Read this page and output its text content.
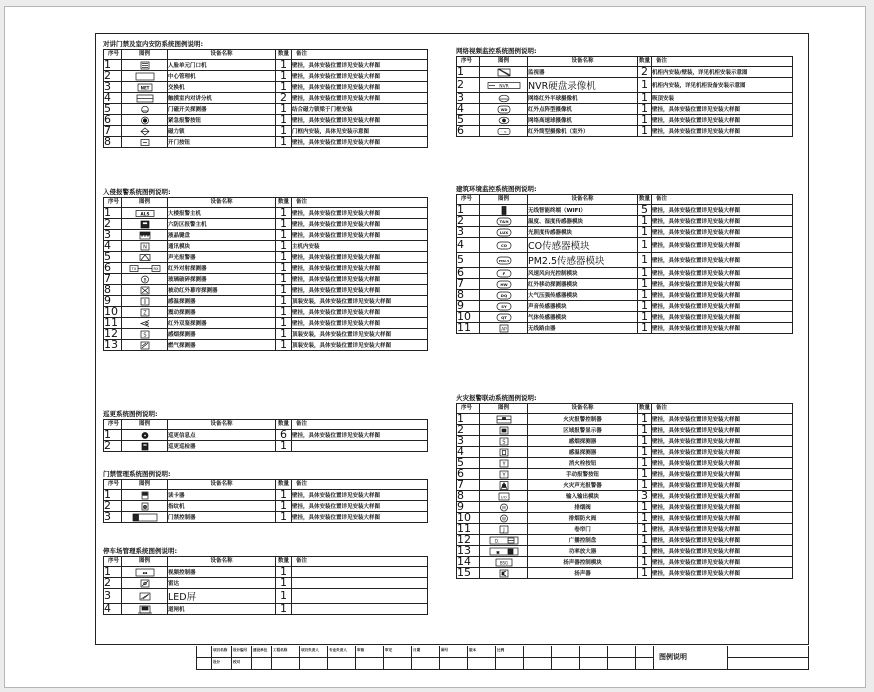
对讲门禁及室内安防系统图例说明:
序号	图例	设备名称	数量	备注
1		人脸单元门口机	1	壁挂，具体安装位置详见安装大样图
2		中心管理机	1	壁挂，具体安装位置详见安装大样图
3	NET	交换机	1	壁挂，具体安装位置详见安装大样图
4		触摸室内对讲分机	2	壁挂，具体安装位置详见安装大样图
5		门磁开关探测器	1	结合磁力锁梁于门框安装
6		紧急报警按钮	1	壁挂，具体安装位置详见安装大样图
7		磁力锁	1	门框内安装，具体见安装示意图
8		开门按钮	1	壁挂，具体安装位置详见安装大样图
入侵报警系统图例说明:
序号	图例	设备名称	数量	备注
1	ALS	大楼报警主机	1	壁挂，具体安装位置详见安装大样图
2		六防区报警主机	1	壁挂，具体安装位置详见安装大样图
3		液晶键盘	1	壁挂，具体安装位置详见安装大样图
4	N	通讯模块	1	主机内安装
5		声光报警器	1	壁挂，具体安装位置详见安装大样图
6	TX RX	红外对射探测器	1	壁挂，具体安装位置详见安装大样图
7	B	玻璃破碎探测器	1	壁挂，具体安装位置详见安装大样图
8		被动红外幕帘探测器	1	壁挂，具体安装位置详见安装大样图
9		感温探测器	1	顶装安装，具体安装位置详见安装大样图
10	Z	震动探测器	1	壁挂，具体安装位置详见安装大样图
11		红外双鉴探测器	1	壁挂，具体安装位置详见安装大样图
12	S	感烟探测器	1	顶装安装，具体安装位置详见安装大样图
13		燃气探测器	1	顶装安装，具体安装位置详见安装大样图
巡更系统图例说明:
序号	图例	设备名称	数量	备注
1		巡更信息点	6	壁挂，具体安装位置详见安装大样图
2		巡更巡检器	1	
门禁管理系统图例说明:
序号	图例	设备名称	数量	备注
1		读卡器	1	壁挂，具体安装位置详见安装大样图
2		指纹机	1	壁挂，具体安装位置详见安装大样图
3		门禁控制器	1	壁挂，具体安装位置详见安装大样图
停车场管理系统图例说明:
序号	图例	设备名称	数量	备注
1	▪▪	视频控制器	1	
2		雷达	1	
3		LED屏	1	
4		道闸机	1	
网络视频监控系统图例说明:
序号	图例	设备名称	数量	备注
1		监视器	2	机柜内安装/壁装，详见机柜安装示意图
2	NVR	NVR硬盘录像机	1	机柜内安装，详见机柜设备安装示意图
3		网络红外半球摄像机	1	吸顶安装
4	WD	红外点阵型摄像机	1	壁挂，具体安装位置详见安装大样图
5		网络高速球摄像机	1	壁挂，具体安装位置详见安装大样图
6	· <	红外筒型摄像机（室外）	1	壁挂，具体安装位置详见安装大样图
建筑环境监控系统图例说明:
序号	图例	设备名称	数量	备注
1		无线智能终端（WIFI）	5	壁挂，具体安装位置详见安装大样图
2	T&H	温度、湿度传感器模块	1	壁挂，具体安装位置详见安装大样图
3	LUX	光照度传感器模块	1	壁挂，具体安装位置详见安装大样图
4	CO	CO传感器模块	1	壁挂，具体安装位置详见安装大样图
5	PM2.5	PM2.5传感器模块	1	壁挂，具体安装位置详见安装大样图
6	F	风速风向光控制模块	1	壁挂，具体安装位置详见安装大样图
7	HW	红外移动探测器模块	1	壁挂，具体安装位置详见安装大样图
8	DQ	大气压强传感器模块	1	壁挂，具体安装位置详见安装大样图
9	SY	声音传感器模块	1	壁挂，具体安装位置详见安装大样图
10	QT	气体传感器模块	1	壁挂，具体安装位置详见安装大样图
11	AP	无线路由器	1	壁挂，具体安装位置详见安装大样图
火灾报警联动系统图例说明:
序号	图例	设备名称	数量	备注
1		火灾报警控制器	1	壁挂，具体安装位置详见安装大样图
2		区域报警显示器	1	壁挂，具体安装位置详见安装大样图
3	S	感烟探测器	1	壁挂，具体安装位置详见安装大样图
4		感温探测器	1	壁挂，具体安装位置详见安装大样图
5	Y	消火栓按钮	1	壁挂，具体安装位置详见安装大样图
6	Y	手动报警按钮	1	壁挂，具体安装位置详见安装大样图
7		火灾声光报警器	1	壁挂，具体安装位置详见安装大样图
8	I/O	输入输出模块	3	壁挂，具体安装位置详见安装大样图
9	M	排烟阀	1	壁挂，具体安装位置详见安装大样图
10	W	排烟防火阀	1	壁挂，具体安装位置详见安装大样图
11	J	卷帘门	1	壁挂，具体安装位置详见安装大样图
12	D.	广播控制盘	1	壁挂，具体安装位置详见安装大样图
13	▣	功率放大器	1	壁挂，具体安装位置详见安装大样图
14	BSG	扬声器控制模块	1	壁挂，具体安装位置详见安装大样图
15		扬声器	1	壁挂，具体安装位置详见安装大样图
项目名称 设计编号 建设单位 工程名称	项目负责人	专业负责人
设计	校对
审核	审定	日期	图号	版本	比例
图例说明
